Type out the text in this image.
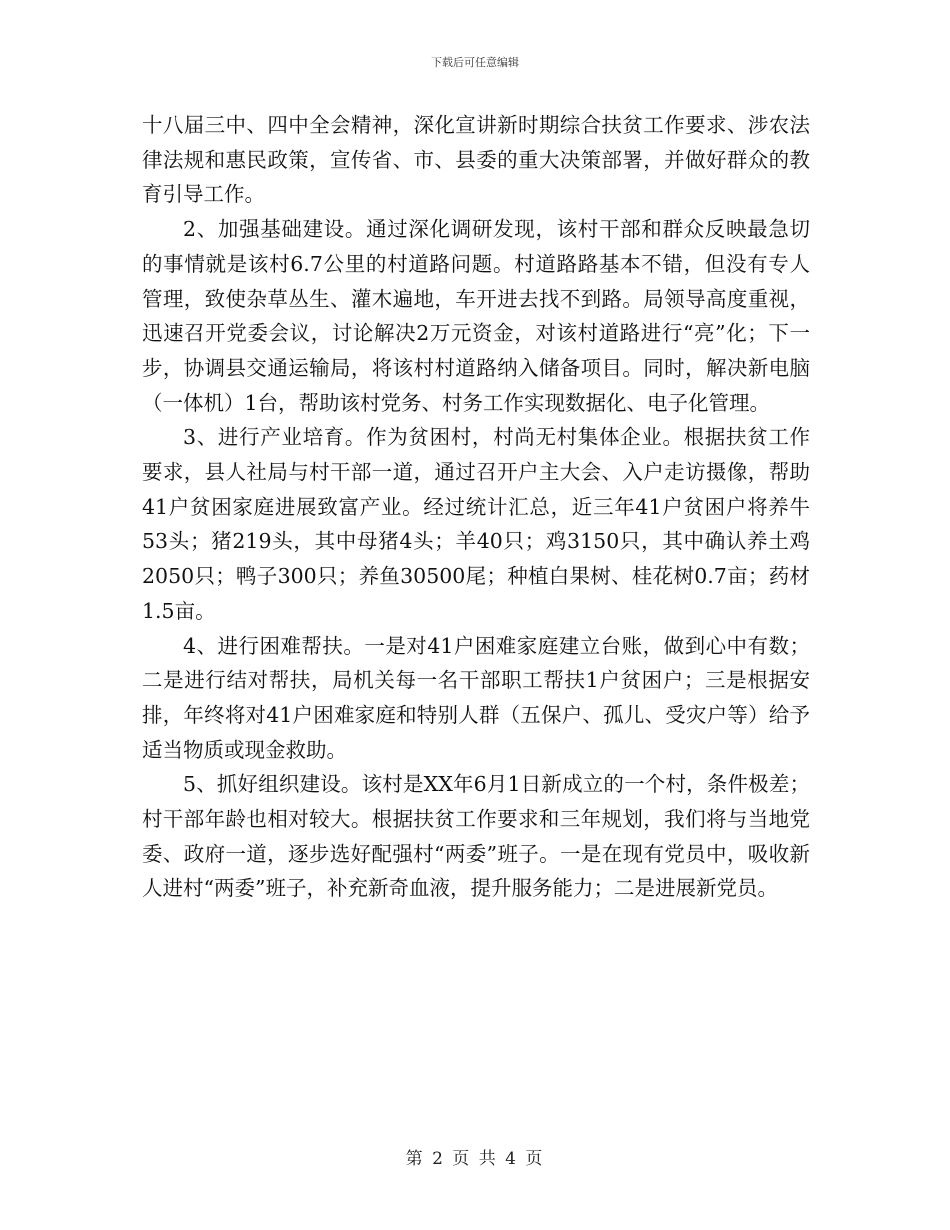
下载后可任意编辑

十八届三中、四中全会精神，深化宣讲新时期综合扶贫工作要求、涉农法律法规和惠民政策，宣传省、市、县委的重大决策部署，并做好群众的教育引导工作。

2、加强基础建设。通过深化调研发现，该村干部和群众反映最急切的事情就是该村6.7公里的村道路问题。村道路路基本不错，但没有专人管理，致使杂草丛生、灌木遍地，车开进去找不到路。局领导高度重视，迅速召开党委会议，讨论解决2万元资金，对该村道路进行“亮”化；下一步，协调县交通运输局，将该村村道路纳入储备项目。同时，解决新电脑（一体机）1台，帮助该村党务、村务工作实现数据化、电子化管理。

3、进行产业培育。作为贫困村，村尚无村集体企业。根据扶贫工作要求，县人社局与村干部一道，通过召开户主大会、入户走访摄像，帮助41户贫困家庭进展致富产业。经过统计汇总，近三年41户贫困户将养牛53头；猪219头，其中母猪4头；羊40只；鸡3150只，其中确认养土鸡2050只；鸭子300只；养鱼30500尾；种植白果树、桂花树0.7亩；药材1.5亩。

4、进行困难帮扶。一是对41户困难家庭建立台账，做到心中有数；二是进行结对帮扶，局机关每一名干部职工帮扶1户贫困户；三是根据安排，年终将对41户困难家庭和特别人群（五保户、孤儿、受灾户等）给予适当物质或现金救助。

5、抓好组织建设。该村是XX年6月1日新成立的一个村，条件极差；村干部年龄也相对较大。根据扶贫工作要求和三年规划，我们将与当地党委、政府一道，逐步选好配强村“两委”班子。一是在现有党员中，吸收新人进村“两委”班子，补充新奇血液，提升服务能力；二是进展新党员。

第 2 页 共 4 页
